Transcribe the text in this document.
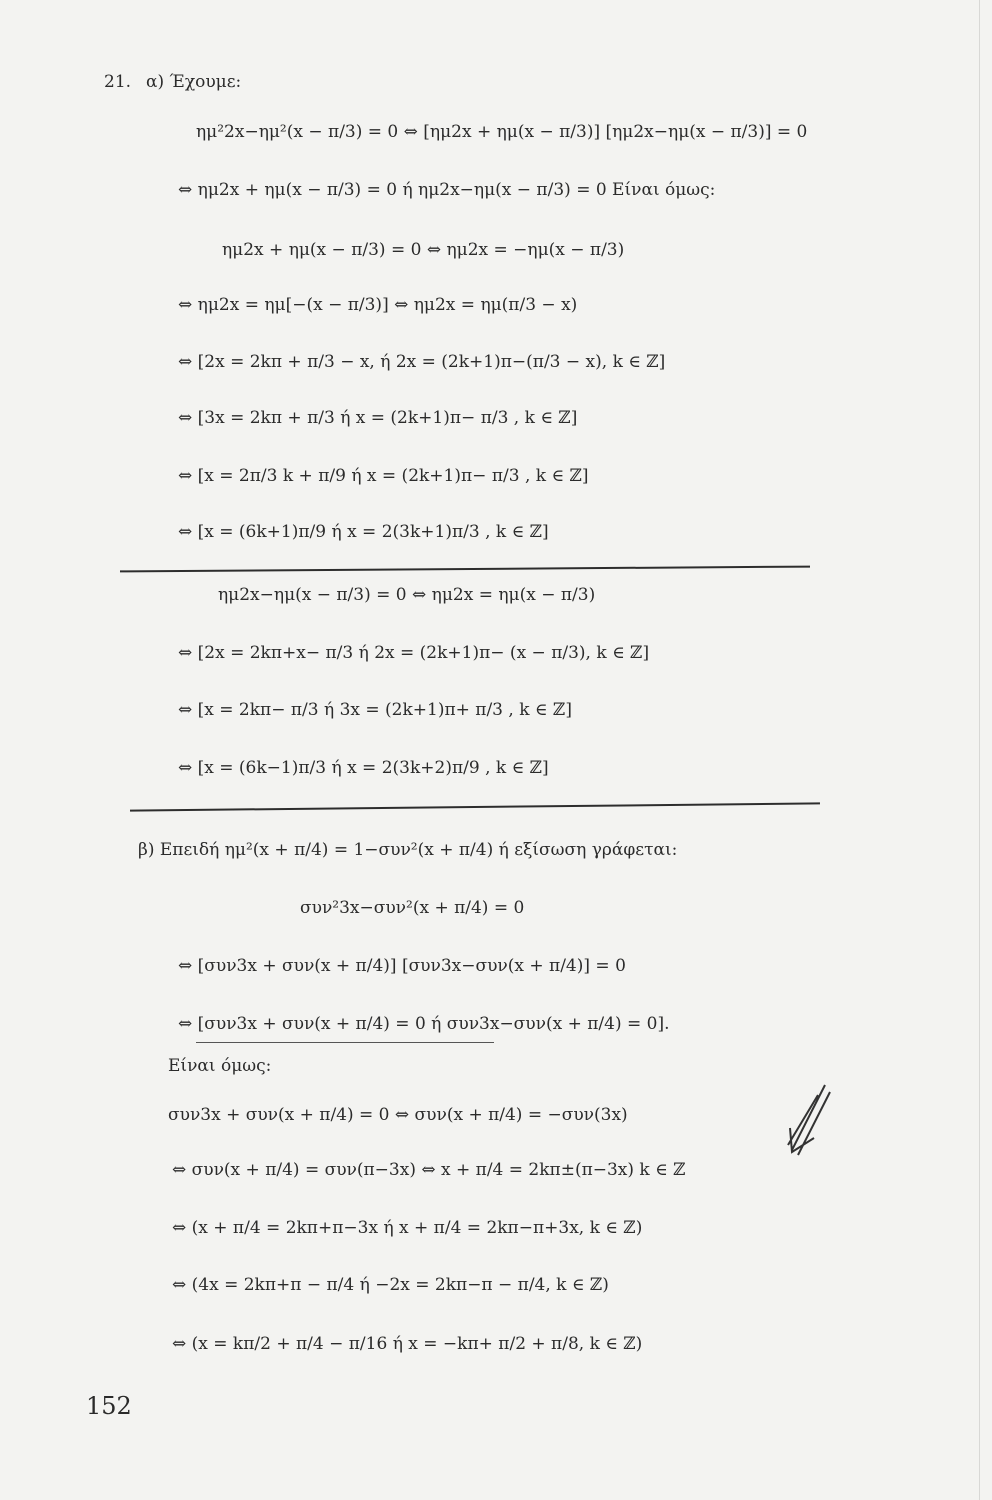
21. α) Έχουμε:
ημ²2x−ημ²(x − π/3) = 0 ⇔ [ημ2x + ημ(x − π/3)] [ημ2x−ημ(x − π/3)] = 0
⇔ ημ2x + ημ(x − π/3) = 0 ή ημ2x−ημ(x − π/3) = 0 Είναι όμως:
ημ2x + ημ(x − π/3) = 0 ⇔ ημ2x = −ημ(x − π/3)
⇔ ημ2x = ημ[−(x − π/3)] ⇔ ημ2x = ημ(π/3 − x)
⇔ [2x = 2kπ + π/3 − x, ή 2x = (2k+1)π−(π/3 − x), k ∈ ℤ]
⇔ [3x = 2kπ + π/3 ή x = (2k+1)π− π/3 , k ∈ ℤ]
⇔ [x = 2π/3 k + π/9 ή x = (2k+1)π− π/3 , k ∈ ℤ]
⇔ [x = (6k+1)π/9 ή x = 2(3k+1)π/3 , k ∈ ℤ]
ημ2x−ημ(x − π/3) = 0 ⇔ ημ2x = ημ(x − π/3)
⇔ [2x = 2kπ+x− π/3 ή 2x = (2k+1)π− (x − π/3), k ∈ ℤ]
⇔ [x = 2kπ− π/3 ή 3x = (2k+1)π+ π/3 , k ∈ ℤ]
⇔ [x = (6k−1)π/3 ή x = 2(3k+2)π/9 , k ∈ ℤ]
β) Επειδή ημ²(x + π/4) = 1−συν²(x + π/4) ή εξίσωση γράφεται:
συν²3x−συν²(x + π/4) = 0
⇔ [συν3x + συν(x + π/4)] [συν3x−συν(x + π/4)] = 0
⇔ [συν3x + συν(x + π/4) = 0 ή συν3x−συν(x + π/4) = 0].
Είναι όμως:
συν3x + συν(x + π/4) = 0 ⇔ συν(x + π/4) = −συν(3x)
⇔ συν(x + π/4) = συν(π−3x) ⇔ x + π/4 = 2kπ±(π−3x) k ∈ ℤ
⇔ (x + π/4 = 2kπ+π−3x ή x + π/4 = 2kπ−π+3x, k ∈ ℤ)
⇔ (4x = 2kπ+π − π/4 ή −2x = 2kπ−π − π/4, k ∈ ℤ)
⇔ (x = kπ/2 + π/4 − π/16 ή x = −kπ+ π/2 + π/8, k ∈ ℤ)
152
